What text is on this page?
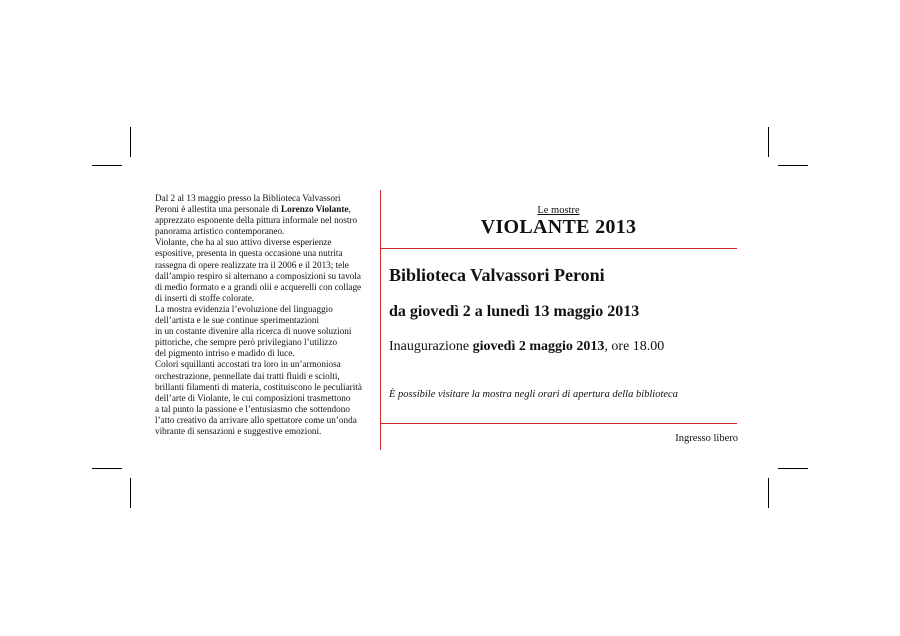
Dal 2 al 13 maggio presso la Biblioteca Valvassori
Peroni è allestita una personale di Lorenzo Violante,
apprezzato esponente della pittura informale nel nostro
panorama artistico contemporaneo.
Violante, che ha al suo attivo diverse esperienze
espositive, presenta in questa occasione una nutrita
rassegna di opere realizzate tra il 2006 e il 2013; tele
dall’ampio respiro si alternano a composizioni su tavola
di medio formato e a grandi olii e acquerelli con collage
di inserti di stoffe colorate.
La mostra evidenzia l’evoluzione del linguaggio
dell’artista e le sue continue sperimentazioni
in un costante divenire alla ricerca di nuove soluzioni
pittoriche, che sempre però privilegiano l’utilizzo
del pigmento intriso e madido di luce.
Colori squillanti accostati tra loro in un’armoniosa
orchestrazione, pennellate dai tratti fluidi e sciolti,
brillanti filamenti di materia, costituiscono le peculiarità
dell’arte di Violante, le cui composizioni trasmettono
a tal punto la passione e l’entusiasmo che sottendono
l’atto creativo da arrivare allo spettatore come un’onda
vibrante di sensazioni e suggestive emozioni.
Le mostre
VIOLANTE 2013
Biblioteca Valvassori Peroni
da giovedì 2 a lunedì 13 maggio 2013
Inaugurazione giovedì 2 maggio 2013, ore 18.00
È possibile visitare la mostra negli orari di apertura della biblioteca
Ingresso libero
